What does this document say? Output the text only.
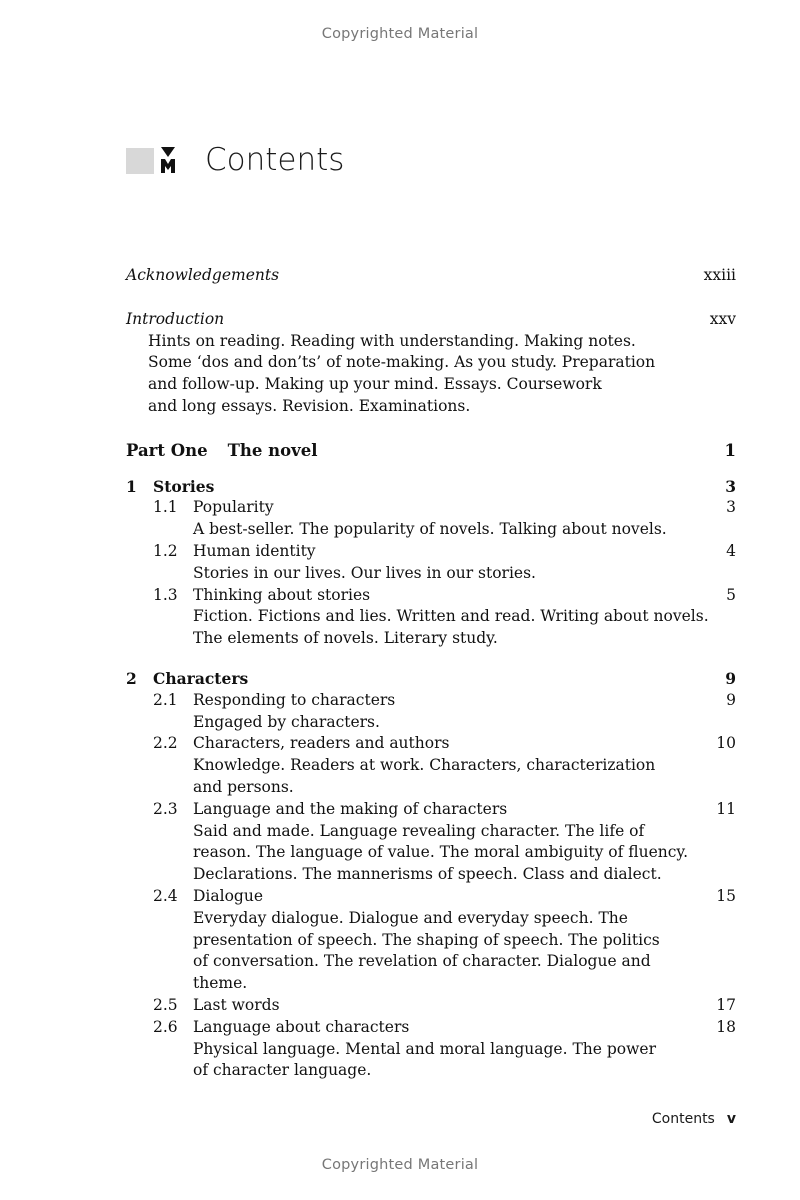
Copyrighted Material
Contents
Acknowledgements	xxiii
Introduction	xxv
Hints on reading. Reading with understanding. Making notes.
Some ‘dos and don’ts’ of note-making. As you study. Preparation
and follow-up. Making up your mind. Essays. Coursework
and long essays. Revision. Examinations.
Part One The novel	1
1	Stories	3
1.1 Popularity	3
A best-seller. The popularity of novels. Talking about novels.
1.2 Human identity	4
Stories in our lives. Our lives in our stories.
1.3 Thinking about stories	5
Fiction. Fictions and lies. Written and read. Writing about novels.
The elements of novels. Literary study.
2	Characters	9
2.1 Responding to characters	9
Engaged by characters.
2.2 Characters, readers and authors	10
Knowledge. Readers at work. Characters, characterization
and persons.
2.3 Language and the making of characters	11
Said and made. Language revealing character. The life of
reason. The language of value. The moral ambiguity of fluency.
Declarations. The mannerisms of speech. Class and dialect.
2.4 Dialogue	15
Everyday dialogue. Dialogue and everyday speech. The
presentation of speech. The shaping of speech. The politics
of conversation. The revelation of character. Dialogue and
theme.
2.5 Last words	17
2.6 Language about characters	18
Physical language. Mental and moral language. The power
of character language.
Contents v
Copyrighted Material
